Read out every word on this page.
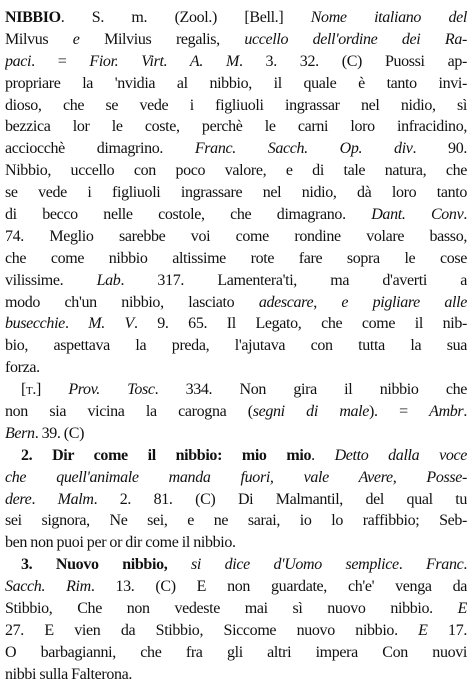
NIBBIO. S. m. (Zool.) [Bell.] Nome italiano del
Milvus e Milvius regalis, uccello dell'ordine dei Ra-
paci. = Fior. Virt. A. M. 3. 32. (C) Puossi ap-
propriare la 'nvidia al nibbio, il quale è tanto invi-
dioso, che se vede i figliuoli ingrassar nel nidio, sì
bezzica lor le coste, perchè le carni loro infracidino,
acciocchè dimagrino. Franc. Sacch. Op. div. 90.
Nibbio, uccello con poco valore, e di tale natura, che
se vede i figliuoli ingrassare nel nidio, dà loro tanto
di becco nelle costole, che dimagrano. Dant. Conv.
74. Meglio sarebbe voi come rondine volare basso,
che come nibbio altissime rote fare sopra le cose
vilissime. Lab. 317. Lamentera'ti, ma d'averti a
modo ch'un nibbio, lasciato adescare, e pigliare alle
busecchie. M. V. 9. 65. Il Legato, che come il nib-
bio, aspettava la preda, l'ajutava con tutta la sua
forza.
[t.] Prov. Tosc. 334. Non gira il nibbio che
non sia vicina la carogna (segni di male). = Ambr.
Bern. 39. (C)
2. Dir come il nibbio: mio mio. Detto dalla voce
che quell'animale manda fuori, vale Avere, Posse-
dere. Malm. 2. 81. (C) Di Malmantil, del qual tu
sei signora, Ne sei, e ne sarai, io lo raffibbio; Seb-
ben non puoi per or dir come il nibbio.
3. Nuovo nibbio, si dice d'Uomo semplice. Franc.
Sacch. Rim. 13. (C) E non guardate, ch'e' venga da
Stibbio, Che non vedeste mai sì nuovo nibbio. E
27. E vien da Stibbio, Siccome nuovo nibbio. E 17.
O barbagianni, che fra gli altri impera Con nuovi
nibbi sulla Falterona.
